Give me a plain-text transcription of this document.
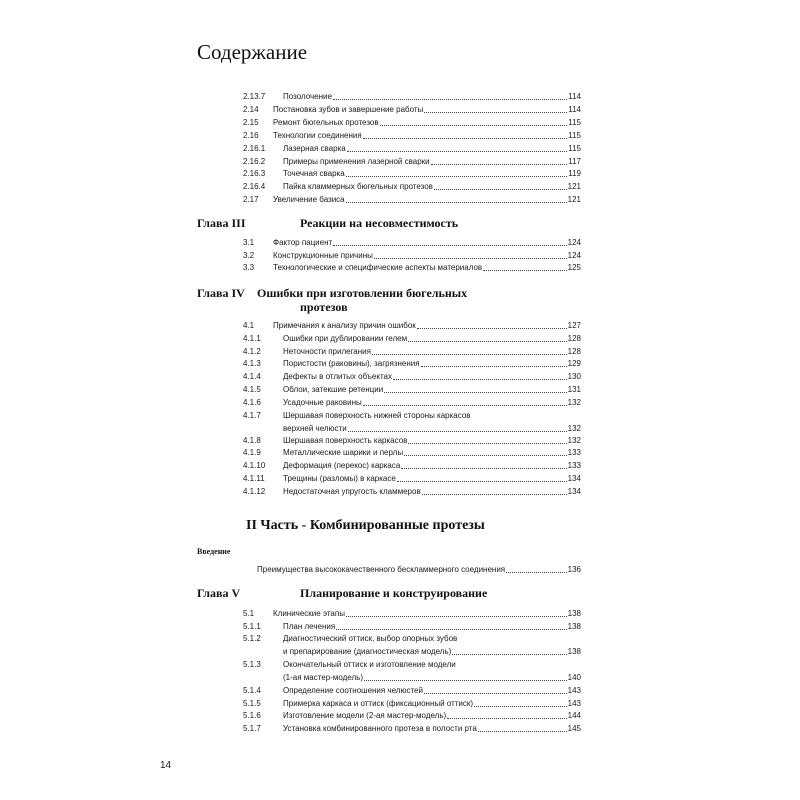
Содержание
2.13.7 Позолочение	114
2.14 Постановка зубов и завершение работы	114
2.15 Ремонт бюгельных протезов	115
2.16 Технологии соединения	115
2.16.1 Лазерная сварка	115
2.16.2 Примеры применения лазерной сварки	117
2.16.3 Точечная сварка	119
2.16.4 Пайка кламмерных бюгельных протезов	121
2.17 Увеличение базиса	121
3.1 Фактор пациент	124
3.2 Конструкционные причины	124
3.3 Технологические и специфические аспекты материалов	125
4.1 Примечания к анализу причин ошибок	127
4.1.1	Ошибки при дублировании гелем	128
4.1.2	Неточности прилегания	128
4.1.3	Пористости (раковины), загрязнения	129
4.1.4	Дефекты в отлитых объектах	130
4.1.5	Облои, затекшие ретенции	131
4.1.6	Усадочные раковины	132
4.1.7	Шершавая поверхность нижней стороны каркасов
верхней челюсти	132
4.1.8	Шершавая поверхность каркасов	132
4.1.9	Металлические шарики и перлы	133
4.1.10 Деформация (перекос) каркаса	133
4.1.11 Трещины (разломы) в каркасе	134
4.1.12 Недостаточная упругость кламмеров	134
Преимущества высококачественного бескламмерного соединения	136
5.1 Клинические этапы	138
5.1.1	План лечения	138
5.1.2	Диагностический оттиск, выбор опорных зубов
и препарирование (диагностическая модель)	138
5.1.3	Окончательный оттиск и изготовление модели
(1-ая мастер-модель)	140
5.1.4	Определение соотношения челюстей	143
5.1.5	Примерка каркаса и оттиск (фиксационный оттиск)	143
5.1.6	Изготовление модели (2-ая мастер-модель)	144
5.1.7	Установка комбинированного протеза в полости рта	145
Глава III	Реакции на несовместимость
Глава IV Ошибки при изготовлении бюгельных
протезов
II Часть - Комбинированные протезы
Введение
Глава V	Планирование и конструирование
14
